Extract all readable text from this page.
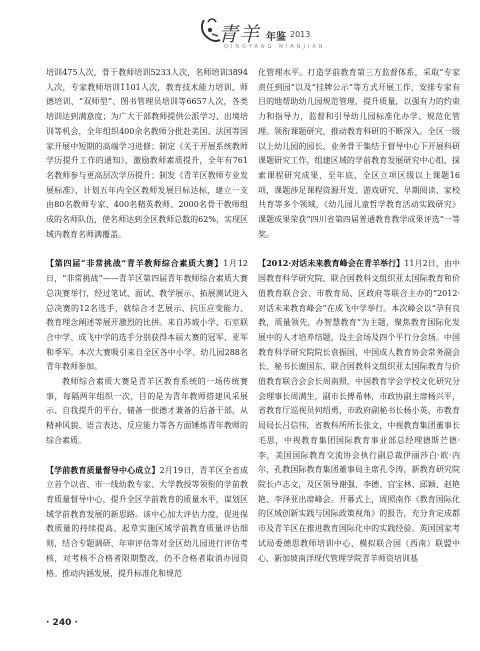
青羊 年鉴 2013
QINGYANG NIANJIAN

培训475人次，骨干教师培训5233人次，名师培训3894人次，专家教师培训1101人次，教育技术能力培训、师德培训、“双师型”、图书管理员培训等6657人次，各类培训达到满意度；为广大干部教师提供公派学习、出境培训等机会，全年组织400余名教师分批赴美国、法国等国家开展中短期的高端学习进修；制定《关于开展系统教师学历提升工作的通知》，激励教师素质提升，全年有761名教师参与更高层次学历提升；制发《青羊区教师专业发展标准》，计划五年内全区教师发展目标达标，建立一支由80名教师专家、400名精英教师、2000名骨干教师组成的名师队伍，使名师达到全区教师总数的62%，实现区域内教育名师满覆盖。

【第四届“非常挑战”青羊教师综合素质大赛】1月12日，“非常挑战”——青羊区第四届青年教师综合素质大赛总决赛举行，经过笔试、面试、教学展示、拓展测试进入总决赛的12名选手，就综合才艺展示、抗压应变能力、教育理念阐述等展开激烈的比拼。来自苏坡小学、石室联合中学、成飞中学的选手分别获得本届大赛的冠军、亚军和季军。本次大赛吸引来自全区各中小学、幼儿园288名青年教师参加。

教师综合素质大赛是青羊区教育系统的一场传统赛事，每隔两年组织一次，目的是为青年教师搭建风采展示、自我提升的平台，储备一批德才兼备的后备干部，从精神风貌、语言表达、反应能力等各方面锤炼青年教师的综合素质。

【学前教育质量督导中心成立】2月19日，青羊区全省成立首个以省、市一线幼教专家、大学教授等领衔的学前教育质量督导中心，提升全区学前教育的质量水平，谋划区域学前教育发展的新思路。该中心加大评估力度，促进保教质量的持续提高。起草实施区域学前教育质量评估细则，结合专题调研、年审评估等对全区幼儿园进行评估考核，对考核不合格者限期整改，仍不合格者取消办园资格。推动内涵发展，提升标准化和规范

化管理水平。打造学前教育第三方监督体系，采取“专家责任到园”以及“挂牌公示”等方式开展工作，安排专家有目的地帮助幼儿园规范管理，提升质量，以强有力的约束力和指导力，监督和引导幼儿园标准化办学、规范化管理。领衔课题研究，推动教育科研的不断深入。全区一级以上幼儿园的园长、业务骨干集结于督导中心下开展科研课题研究工作，组建区域的学前教育发展研究中心组，探索课程研究成果，至年底，全区立项区级以上课题16项，课题涉足课程资源开发、游戏研究、早期阅读、家校共育等多个领域，《幼儿园儿童哲学教育活动实践研究》课题成果荣获“四川省第四届普通教育教学成果评选”一等奖。

【2012·对话未来教育峰会在青羊举行】11月2日，由中国教育科学研究院、联合国教科文组织亚太国际教育和价值教育联合会、市教育局、区政府等联合主办的“2012·对话未来教育峰会”在成飞中学举行。本次峰会以“孕有良教，质量领先，办智慧教育”为主题，聚焦教育国际化发展中的人才培养结题，设主会场及四个平行分会场。中国教育科学研究院院长袁振国，中国成人教育协会常务副会长、秘书长谢国东，联合国教科文组织亚太国际教育与价值教育联合会会长周南照，中国教育学会学校文化研究分会理事长周满生，副市长傅希林，市政协副主席杨兴平，省教育厅巡视员何绍勇，市政府副秘书长杨小英，市教育局局长吕信伟，省教科所所长张文，中视教育集团董事长毛思，中视教育集团国际教育事业部总经理德斯芒德·李，美国国际教育交流协会执行副总裁伊丽莎白·欧·内尔，孔教国际教育集团董事局主席孔令涛，新教育研究院院长卢志文，及区领导谢强、李德、宫宝林、邱颖、赵艳艳、李泽亚出席峰会。开幕式上，周照南作《教育国际化的区域创新实践与国际政策视角》的报告，充分肯定成都市及青羊区在推进教育国际化中的实践经验。英国国家考试局委德思教师培训中心、模拟联合国（西南）联盟中心、新加坡南洋现代管理学院青羊师资培训基

· 240 ·
